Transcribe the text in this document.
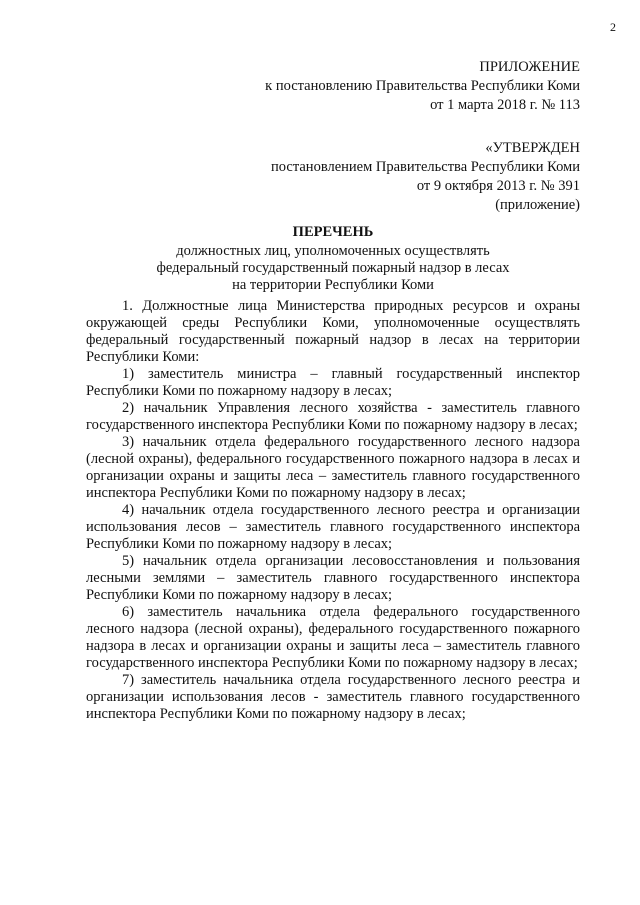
2
ПРИЛОЖЕНИЕ
к постановлению Правительства Республики Коми
от 1 марта 2018 г. № 113
«УТВЕРЖДЕН
постановлением Правительства Республики Коми
от 9 октября 2013 г. № 391
(приложение)
ПЕРЕЧЕНЬ
должностных лиц, уполномоченных осуществлять
федеральный государственный пожарный надзор в лесах
на территории Республики Коми

1. Должностные лица Министерства природных ресурсов и охраны окружающей среды Республики Коми, уполномоченные осуществлять федеральный государственный пожарный надзор в лесах на территории Республики Коми:

1) заместитель министра – главный государственный инспектор Республики Коми по пожарному надзору в лесах;

2) начальник Управления лесного хозяйства - заместитель главного государственного инспектора Республики Коми по пожарному надзору в лесах;

3) начальник отдела федерального государственного лесного надзора (лесной охраны), федерального государственного пожарного надзора в лесах и организации охраны и защиты леса – заместитель главного государственного инспектора Республики Коми по пожарному надзору в лесах;

4) начальник отдела государственного лесного реестра и организации использования лесов – заместитель главного государственного инспектора Республики Коми по пожарному надзору в лесах;

5) начальник отдела организации лесовосстановления и пользования лесными землями – заместитель главного государственного инспектора Республики Коми по пожарному надзору в лесах;

6) заместитель начальника отдела федерального государственного лесного надзора (лесной охраны), федерального государственного пожарного надзора в лесах и организации охраны и защиты леса – заместитель главного государственного инспектора Республики Коми по пожарному надзору в лесах;

7) заместитель начальника отдела государственного лесного реестра и организации использования лесов - заместитель главного государственного инспектора Республики Коми по пожарному надзору в лесах;
